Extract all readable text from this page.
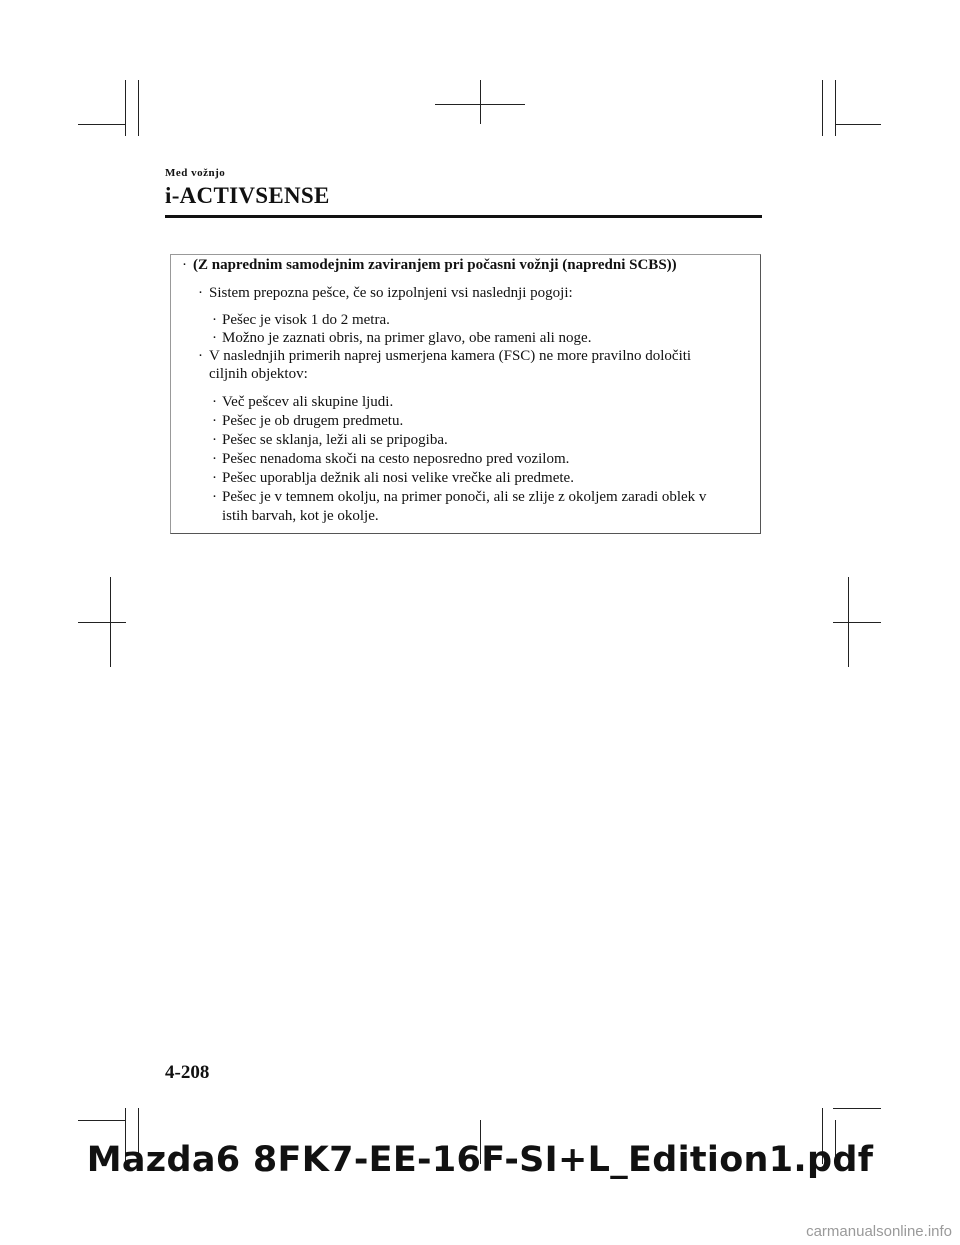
Med vožnjo
i-ACTIVSENSE
· (Z naprednim samodejnim zaviranjem pri počasni vožnji (napredni SCBS))
· Sistem prepozna pešce, če so izpolnjeni vsi naslednji pogoji:
· Pešec je visok 1 do 2 metra.
· Možno je zaznati obris, na primer glavo, obe rameni ali noge.
· V naslednjih primerih naprej usmerjena kamera (FSC) ne more pravilno določiti
ciljnih objektov:
· Več pešcev ali skupine ljudi.
· Pešec je ob drugem predmetu.
· Pešec se sklanja, leži ali se pripogiba.
· Pešec nenadoma skoči na cesto neposredno pred vozilom.
· Pešec uporablja dežnik ali nosi velike vrečke ali predmete.
· Pešec je v temnem okolju, na primer ponoči, ali se zlije z okoljem zaradi oblek v
istih barvah, kot je okolje.
4-208
Mazda6 8FK7-EE-16F-SI+L_Edition1.pdf
carmanualsonline.info
